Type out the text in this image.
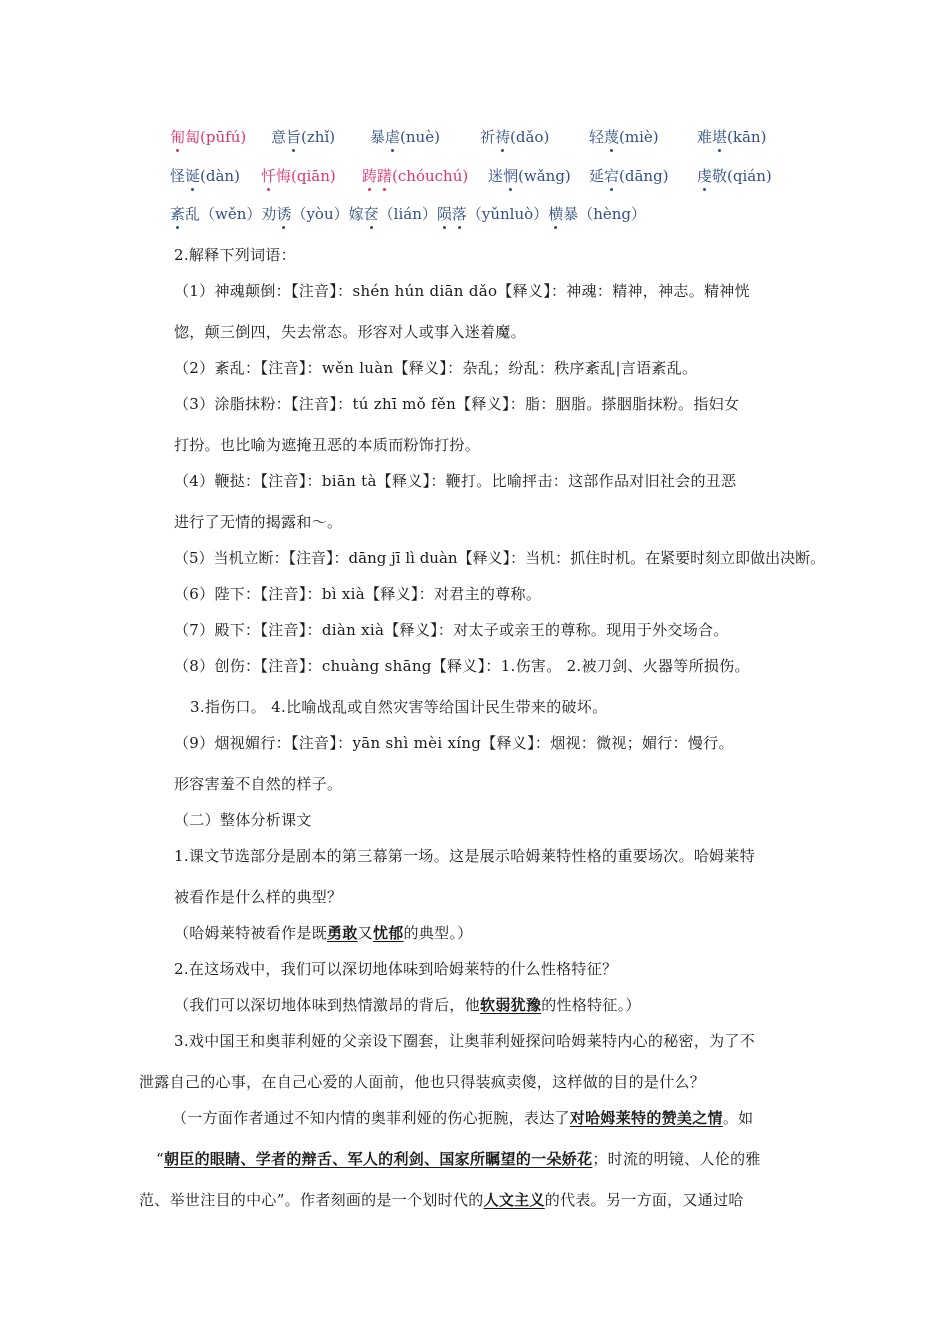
2.解释下列词语：
（1）神魂颠倒：【注音】：shén hún diān dǎo【释义】：神魂：精神，神志。精神恍
惚，颠三倒四，失去常态。形容对人或事入迷着魔。
（2）紊乱：【注音】：wěn luàn【释义】：杂乱；纷乱：秩序紊乱|言语紊乱。
（3）涂脂抹粉：【注音】：tú zhī mǒ fěn【释义】：脂：胭脂。搽胭脂抹粉。指妇女
打扮。也比喻为遮掩丑恶的本质而粉饰打扮。
（4）鞭挞：【注音】：biān tà【释义】：鞭打。比喻抨击：这部作品对旧社会的丑恶
进行了无情的揭露和～。
（5）当机立断：【注音】：dāng jī lì duàn【释义】：当机：抓住时机。在紧要时刻立即做出决断。
（6）陛下：【注音】：bì xià【释义】：对君主的尊称。
（7）殿下：【注音】：diàn xià【释义】：对太子或亲王的尊称。现用于外交场合。
（8）创伤：【注音】：chuàng shāng【释义】：1.伤害。 2.被刀剑、火器等所损伤。
3.指伤口。 4.比喻战乱或自然灾害等给国计民生带来的破坏。
（9）烟视媚行：【注音】：yān shì mèi xíng【释义】：烟视：微视；媚行：慢行。
形容害羞不自然的样子。
（二）整体分析课文
1.课文节选部分是剧本的第三幕第一场。这是展示哈姆莱特性格的重要场次。哈姆莱特
被看作是什么样的典型？
（哈姆莱特被看作是既勇敢又忧郁的典型。）
2.在这场戏中，我们可以深切地体味到哈姆莱特的什么性格特征？
（我们可以深切地体味到热情激昂的背后，他软弱犹豫的性格特征。）
3.戏中国王和奥菲利娅的父亲设下圈套，让奥菲利娅探问哈姆莱特内心的秘密，为了不
泄露自己的心事，在自己心爱的人面前，他也只得装疯卖傻，这样做的目的是什么？
（一方面作者通过不知内情的奥菲利娅的伤心扼腕，表达了对哈姆莱特的赞美之情。如
“朝臣的眼睛、学者的辩舌、军人的利剑、国家所瞩望的一朵娇花；时流的明镜、人伦的雅
范、举世注目的中心”。作者刻画的是一个划时代的人文主义的代表。另一方面，又通过哈
匍匐(pūfú) 意旨(zhǐ) 暴虐(nuè)	祈祷(dǎo)	轻蔑(miè)	难堪(kān)
怪诞(dàn) 忏悔(qiān) 踌躇(chóuchú) 迷惘(wǎng) 延宕(dāng) 虔敬(qián)
紊乱（wěn）劝诱（yòu）嫁奁（lián）陨落（yǔnluò）横暴（hèng）
